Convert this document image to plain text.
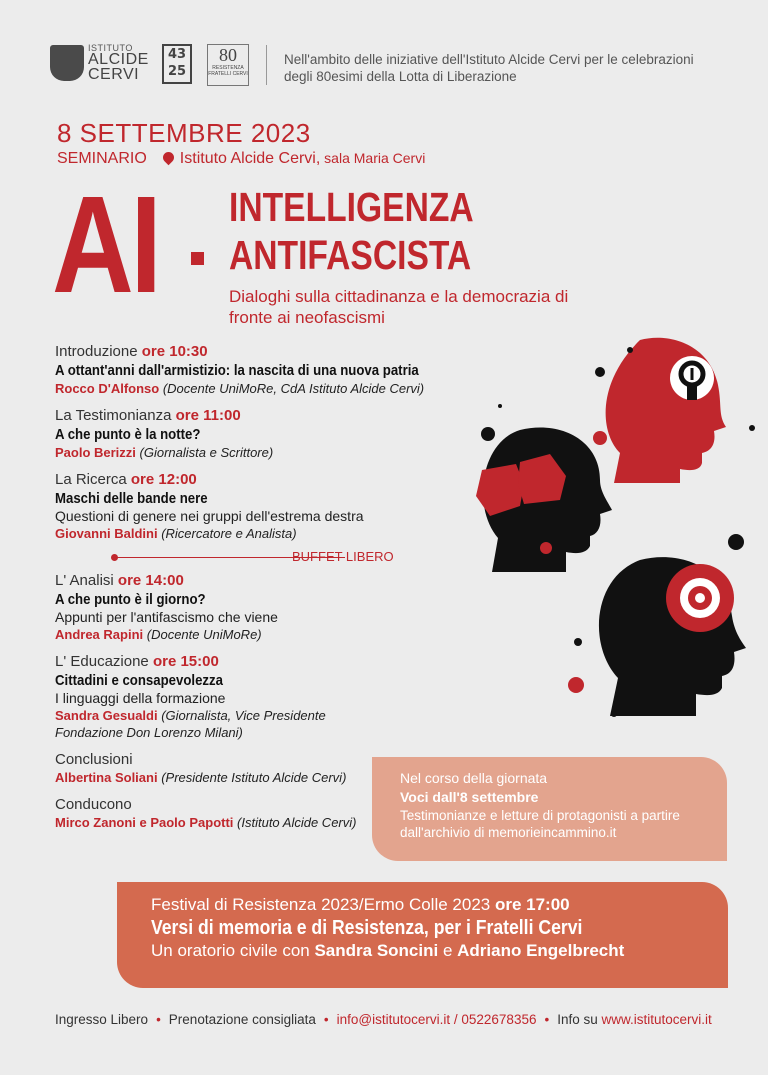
ISTITUTO
ALCIDE
CERVI
43 25
80
RESISTENZA
FRATELLI CERVI
Nell'ambito delle iniziative dell'Istituto Alcide Cervi per le celebrazioni degli 80esimi della Lotta di Liberazione
8 SETTEMBRE 2023
SEMINARIO Istituto Alcide Cervi, sala Maria Cervi
AI INTELLIGENZA
ANTIFASCISTA
Dialoghi sulla cittadinanza e la democrazia di fronte ai neofascismi
Introduzione ore 10:30
A ottant'anni dall'armistizio: la nascita di una nuova patria
Rocco D'Alfonso (Docente UniMoRe, CdA Istituto Alcide Cervi)
La Testimonianza ore 11:00
A che punto è la notte?
Paolo Berizzi (Giornalista e Scrittore)
La Ricerca ore 12:00
Maschi delle bande nere
Questioni di genere nei gruppi dell'estrema destra
Giovanni Baldini (Ricercatore e Analista)
BUFFET LIBERO
L' Analisi ore 14:00
A che punto è il giorno?
Appunti per l'antifascismo che viene
Andrea Rapini (Docente UniMoRe)
L' Educazione ore 15:00
Cittadini e consapevolezza
I linguaggi della formazione
Sandra Gesualdi (Giornalista, Vice Presidente Fondazione Don Lorenzo Milani)
Conclusioni
Albertina Soliani (Presidente Istituto Alcide Cervi)
Conducono
Mirco Zanoni e Paolo Papotti (Istituto Alcide Cervi)
Nel corso della giornata
Voci dall'8 settembre
Testimonianze e letture di protagonisti a partire dall'archivio di memorieincammino.it
Festival di Resistenza 2023/Ermo Colle 2023 ore 17:00
Versi di memoria e di Resistenza, per i Fratelli Cervi
Un oratorio civile con Sandra Soncini e Adriano Engelbrecht
Ingresso Libero • Prenotazione consigliata • info@istitutocervi.it / 0522678356 • Info su www.istitutocervi.it
